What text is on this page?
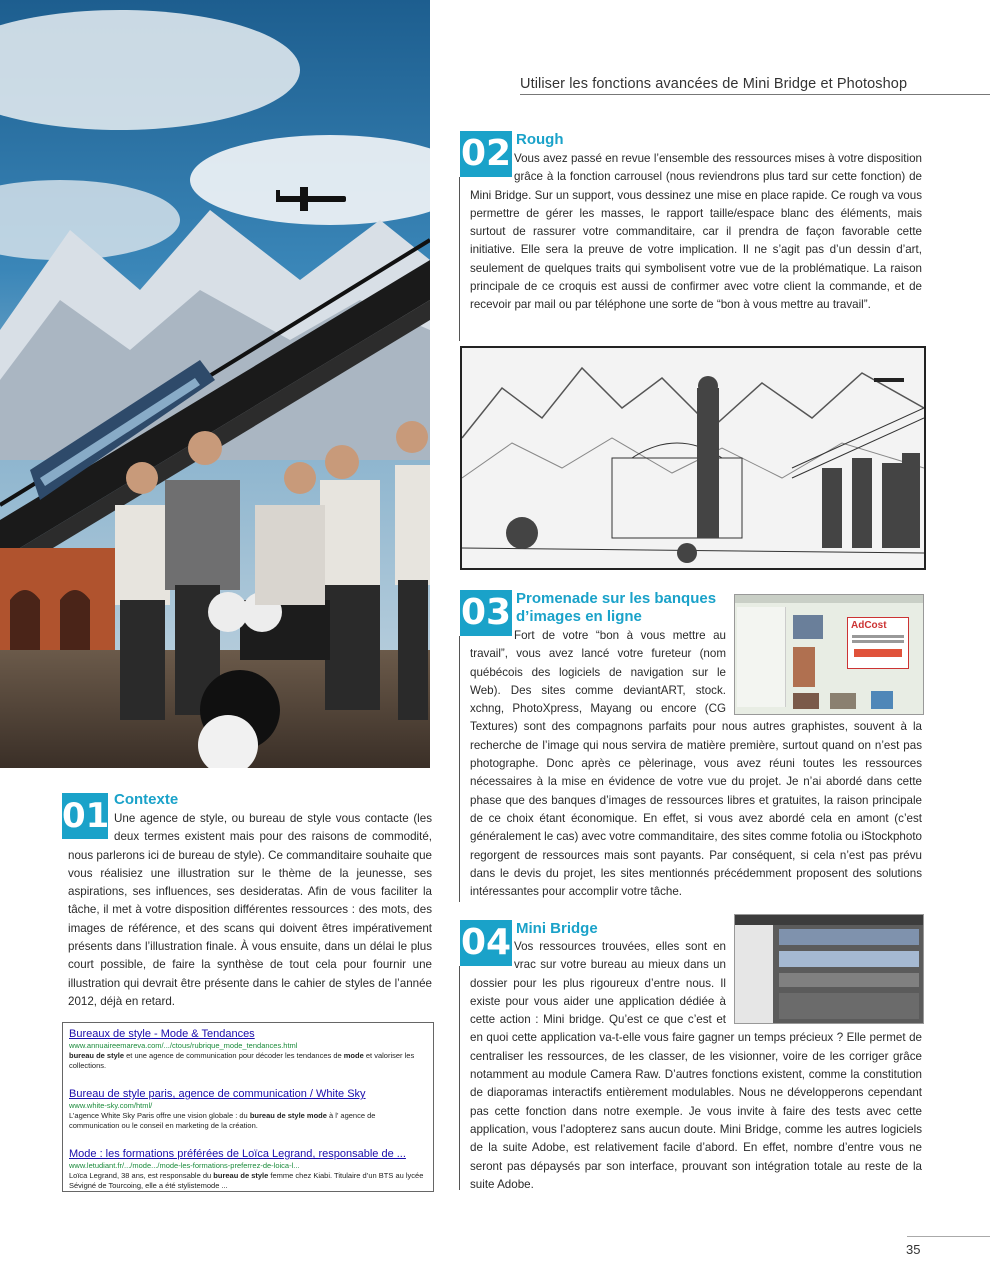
Utiliser les fonctions avancées de Mini Bridge et Photoshop
02 Rough
Vous avez passé en revue l’ensemble des ressources mises à votre disposition grâce à la fonction carrousel (nous reviendrons plus tard sur cette fonction) de Mini Bridge. Sur un support, vous dessinez une mise en place rapide. Ce rough va vous permettre de gérer les masses, le rapport taille/espace blanc des éléments, mais surtout de rassurer votre commanditaire, car il prendra de façon favorable cette initiative. Elle sera la preuve de votre implication. Il ne s’agit pas d’un dessin d’art, seulement de quelques traits qui symbolisent votre vue de la problématique. La raison principale de ce croquis est aussi de confirmer avec votre client la commande, et de recevoir par mail ou par téléphone une sorte de “bon à vous mettre au travail”.
03 Promenade sur les banques
d’images en ligne
AdCost
Fort de votre “bon à vous mettre au travail”, vous avez lancé votre fureteur (nom québécois des logiciels de navigation sur le Web). Des sites comme deviantART, stock. xchng, PhotoXpress, Mayang ou encore (CG Textures) sont des compagnons parfaits pour nous autres graphistes, souvent à la recherche de l’image qui nous servira de matière première, surtout quand on n’est pas photographe. Donc après ce pèlerinage, vous avez réuni toutes les ressources nécessaires à la mise en évidence de votre vue du projet. Je n’ai abordé dans cette phase que des banques d’images de ressources libres et gratuites, la raison principale de ce choix étant économique. En effet, si vous avez abordé cela en amont (c’est généralement le cas) avec votre commanditaire, des sites comme fotolia ou iStockphoto regorgent de ressources mais sont payants. Par conséquent, si cela n’est pas prévu dans le devis du projet, les sites mentionnés précédemment proposent des solutions intéressantes pour accomplir votre tâche.
04 Mini Bridge
Vos ressources trouvées, elles sont en vrac sur votre bureau au mieux dans un dossier pour les plus rigoureux d’entre nous. Il existe pour vous aider une application dédiée à cette action : Mini bridge. Qu’est ce que c’est et en quoi cette application va-t-elle vous faire gagner un temps précieux ? Elle permet de centraliser les ressources, de les classer, de les visionner, voire de les corriger grâce notamment au module Camera Raw. D’autres fonctions existent, comme la constitution de diaporamas interactifs entièrement modulables. Nous ne développerons cependant pas cette fonction dans notre exemple. Je vous invite à faire des tests avec cette application, vous l’adopterez sans aucun doute. Mini Bridge, comme les autres logiciels de la suite Adobe, est relativement facile d’abord. En effet, nombre d’entre vous ne seront pas dépaysés par son interface, prouvant son intégration totale au reste de la suite Adobe.
01 Contexte
Une agence de style, ou bureau de style vous contacte (les deux termes existent mais pour des raisons de commodité, nous parlerons ici de bureau de style). Ce commanditaire souhaite que vous réalisiez une illustration sur le thème de la jeunesse, ses aspirations, ses influences, ses desideratas. Afin de vous faciliter la tâche, il met à votre disposition différentes ressources : des mots, des images de référence, et des scans qui doivent êtres impérativement présents dans l’illustration finale. À vous ensuite, dans un délai le plus court possible, de faire la synthèse de tout cela pour fournir une illustration qui devrait être présente dans le cahier de styles de l’année 2012, déjà en retard.
Bureaux de style - Mode & Tendances
www.annuaireemareva.com/.../ctous/rubrique_mode_tendances.html
bureau de style et une agence de communication pour décoder les tendances de mode et valoriser les collections.
Bureau de style paris, agence de communication / White Sky
www.white-sky.com/html/
L’agence White Sky Paris offre une vision globale : du bureau de style mode à l’ agence de communication ou le conseil en marketing de la création.
Mode : les formations préférées de Loïca Legrand, responsable de ...
www.letudiant.fr/.../mode.../mode-les-formations-preferrez-de-loica-l...
Loïca Legrand, 38 ans, est responsable du bureau de style femme chez Kiabi. Titulaire d’un BTS au lycée Sévigné de Tourcoing, elle a été stylistemode ...
35
